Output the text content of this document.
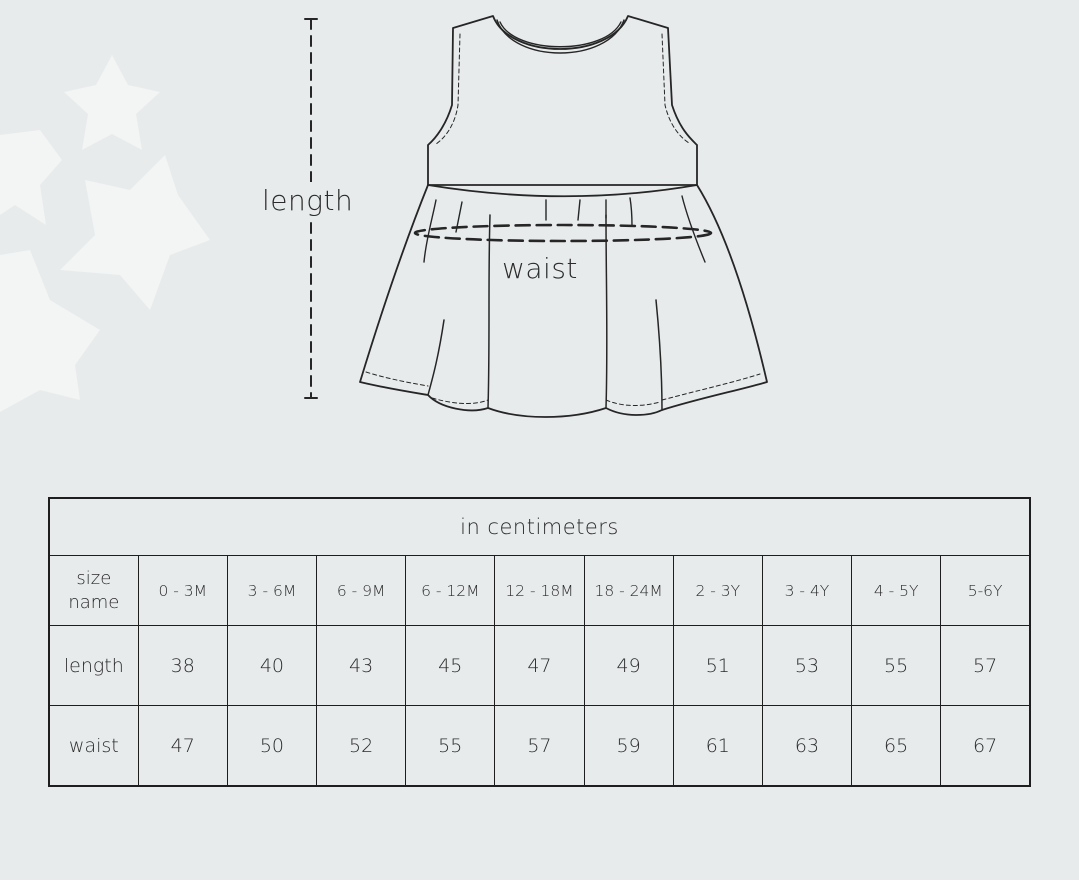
length
waist
in centimeters										
size
name	0 - 3M	3 - 6M	6 - 9M	6 - 12M	12 - 18M	18 - 24M	2 - 3Y	3 - 4Y	4 - 5Y	5-6Y
length	38	40	43	45	47	49	51	53	55	57
waist	47	50	52	55	57	59	61	63	65	67
